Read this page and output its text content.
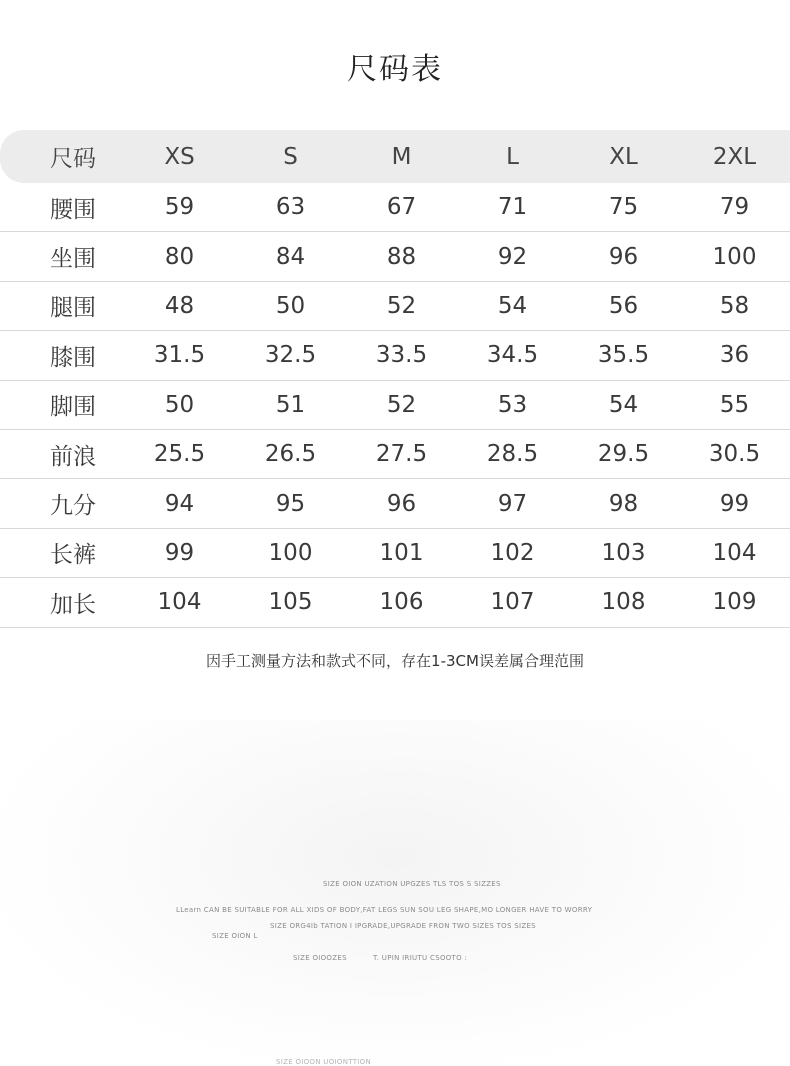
尺码表
尺码	XS	S	M	L	XL	2XL
腰围	59	63	67	71	75	79
坐围	80	84	88	92	96	100
腿围	48	50	52	54	56	58
膝围	31.5	32.5	33.5	34.5	35.5	36
脚围	50	51	52	53	54	55
前浪	25.5	26.5	27.5	28.5	29.5	30.5
九分	94	95	96	97	98	99
长裤	99	100	101	102	103	104
加长	104	105	106	107	108	109
因手工测量方法和款式不同，存在1-3CM误差属合理范围
SIZE OION UZATION UPGZES TLS TOS S SIZZES
LLearn CAN BE SUITABLE FOR ALL XIDS OF BODY,FAT LEGS SUN SOU LEG SHAPE,MO LONGER HAVE TO WORRY
SIZE ORG4Ib TATION I IPGRADE,UPGRADE FRON TWO SIZES TOS SIZES
SIZE OION L
SIZE OIOOZES	T. UPIN IRIUTU CSOOTO :
SIZE OIOON UOIONTTION
